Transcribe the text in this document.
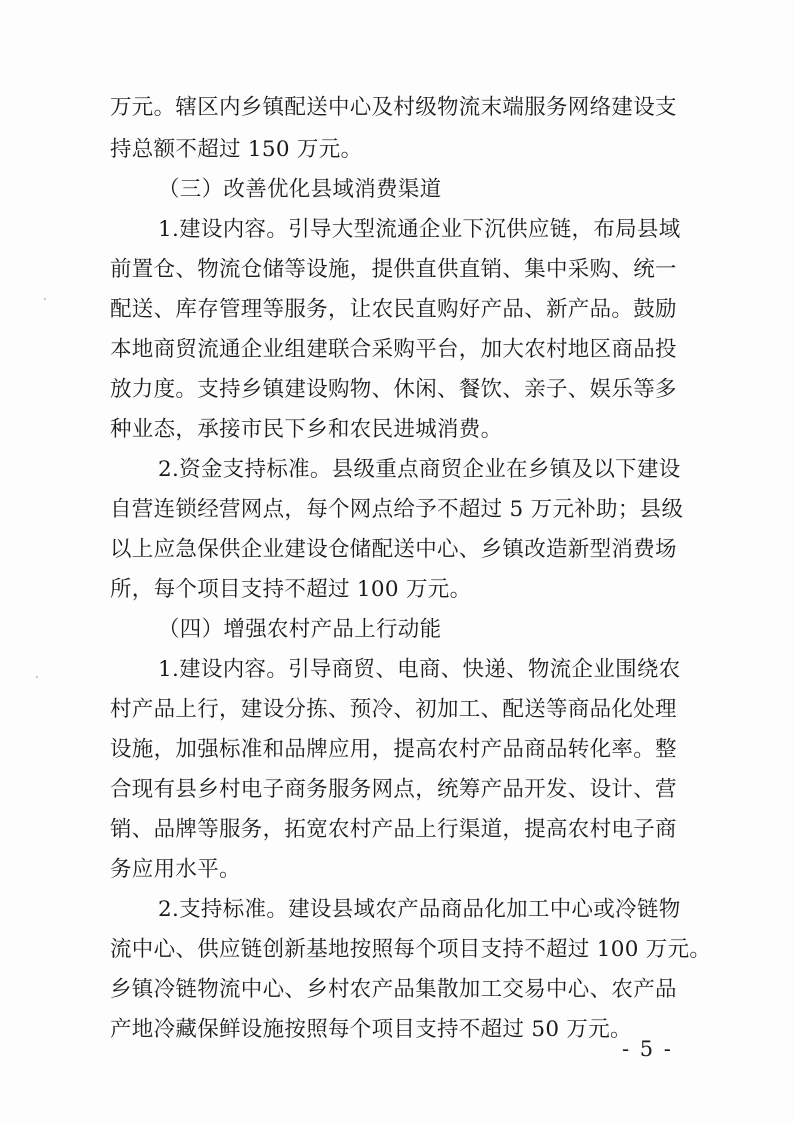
万元。辖区内乡镇配送中心及村级物流末端服务网络建设支
持总额不超过 150 万元。
（三）改善优化县域消费渠道
1.建设内容。引导大型流通企业下沉供应链，布局县域
前置仓、物流仓储等设施，提供直供直销、集中采购、统一
配送、库存管理等服务，让农民直购好产品、新产品。鼓励
本地商贸流通企业组建联合采购平台，加大农村地区商品投
放力度。支持乡镇建设购物、休闲、餐饮、亲子、娱乐等多
种业态，承接市民下乡和农民进城消费。
2.资金支持标准。县级重点商贸企业在乡镇及以下建设
自营连锁经营网点，每个网点给予不超过 5 万元补助；县级
以上应急保供企业建设仓储配送中心、乡镇改造新型消费场
所，每个项目支持不超过 100 万元。
（四）增强农村产品上行动能
1.建设内容。引导商贸、电商、快递、物流企业围绕农
村产品上行，建设分拣、预冷、初加工、配送等商品化处理
设施，加强标准和品牌应用，提高农村产品商品转化率。整
合现有县乡村电子商务服务网点，统筹产品开发、设计、营
销、品牌等服务，拓宽农村产品上行渠道，提高农村电子商
务应用水平。
2.支持标准。建设县域农产品商品化加工中心或冷链物
流中心、供应链创新基地按照每个项目支持不超过 100 万元。
乡镇冷链物流中心、乡村农产品集散加工交易中心、农产品
产地冷藏保鲜设施按照每个项目支持不超过 50 万元。
- 5 -
